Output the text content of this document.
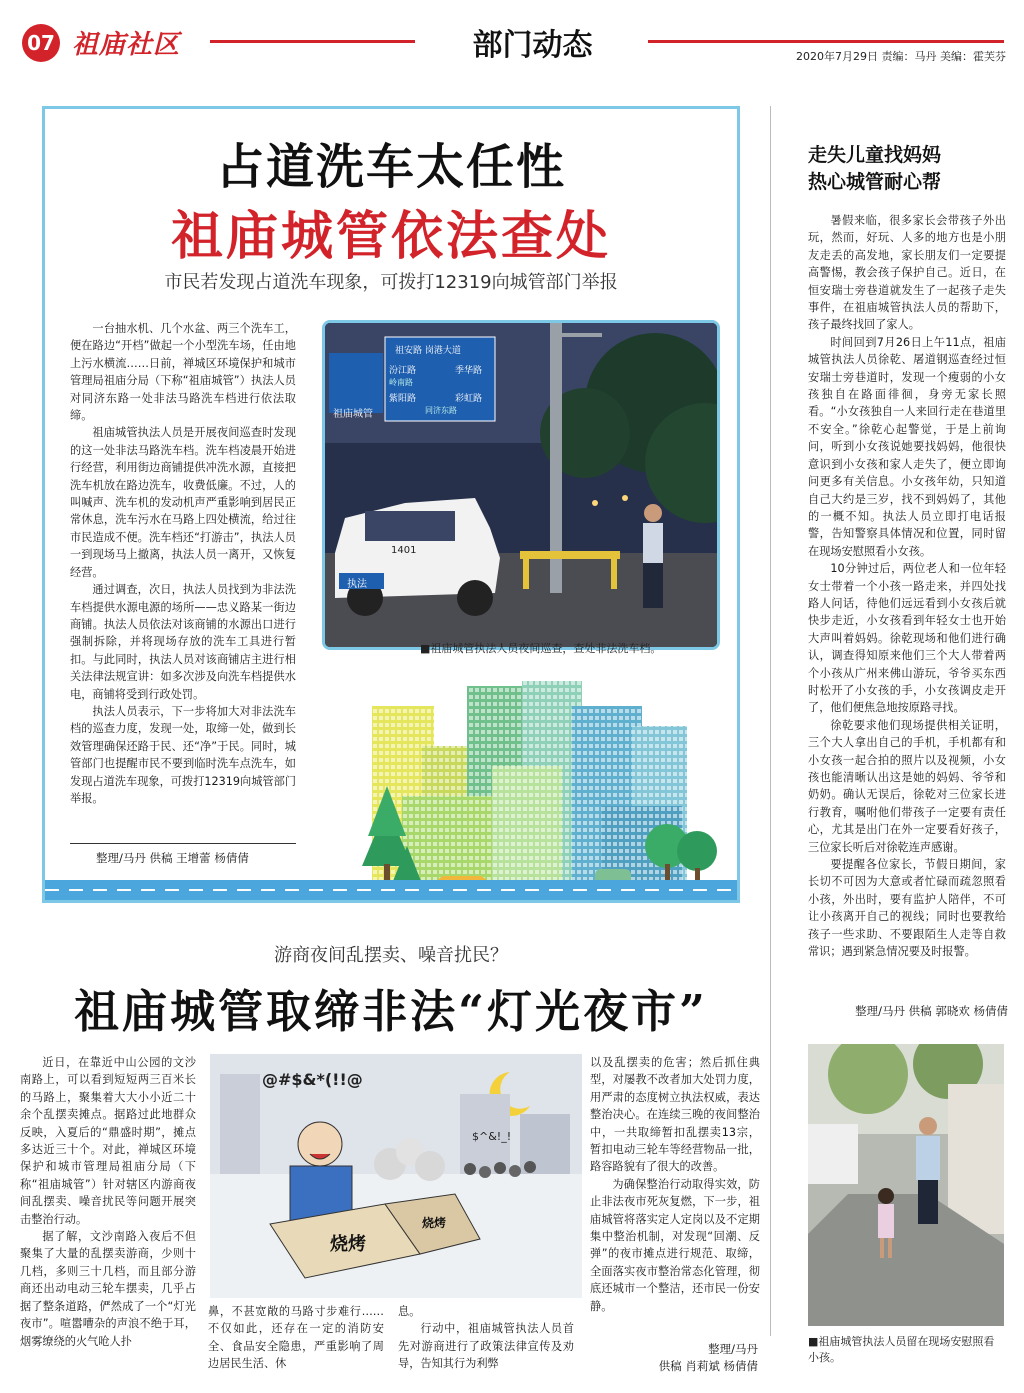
07 祖庙社区	部门动态	2020年7月29日 责编：马丹 美编：霍芙芬
占道洗车太任性
祖庙城管依法查处
市民若发现占道洗车现象，可拨打12319向城管部门举报

一台抽水机、几个水盆、两三个洗车工，便在路边“开档”做起一个小型洗车场，任由地上污水横流……日前，禅城区环境保护和城市管理局祖庙分局（下称“祖庙城管”）执法人员对同济东路一处非法马路洗车档进行依法取缔。

祖庙城管执法人员是开展夜间巡查时发现的这一处非法马路洗车档。洗车档凌晨开始进行经营，利用街边商铺提供冲洗水源，直接把洗车机放在路边洗车，收费低廉。不过，人的叫喊声、洗车机的发动机声严重影响到居民正常休息，洗车污水在马路上四处横流，给过往市民造成不便。洗车档还“打游击”，执法人员一到现场马上撤离，执法人员一离开，又恢复经营。

通过调查，次日，执法人员找到为非法洗车档提供水源电源的场所——忠义路某一街边商铺。执法人员依法对该商铺的水源出口进行强制拆除，并将现场存放的洗车工具进行暂扣。与此同时，执法人员对该商铺店主进行相关法律法规宣讲：如多次涉及向洗车档提供水电，商铺将受到行政处罚。

执法人员表示，下一步将加大对非法洗车档的巡查力度，发现一处，取缔一处，做到长效管理确保还路于民、还“净”于民。同时，城管部门也提醒市民不要到临时洗车点洗车，如发现占道洗车现象，可拨打12319向城管部门举报。

整理/马丹 供稿 王增蕾 杨倩倩
祖庙城管
祖安路 岗港大道
汾江路	季华路
紫阳路	彩虹路
岭南路
同济东路
1401
执法
■祖庙城管执法人员夜间巡查，查处非法洗车档。
走失儿童找妈妈
热心城管耐心帮

暑假来临，很多家长会带孩子外出玩，然而，好玩、人多的地方也是小朋友走丢的高发地，家长朋友们一定要提高警惕，教会孩子保护自己。近日，在恒安瑞士旁巷道就发生了一起孩子走失事件，在祖庙城管执法人员的帮助下，孩子最终找回了家人。

时间回到7月26日上午11点，祖庙城管执法人员徐乾、屠道钢巡查经过恒安瑞士旁巷道时，发现一个瘦弱的小女孩独自在路面徘徊，身旁无家长照看。“小女孩独自一人来回行走在巷道里不安全。”徐乾心起警觉，于是上前询问，听到小女孩说她要找妈妈，他很快意识到小女孩和家人走失了，便立即询问更多有关信息。小女孩年幼，只知道自己大约是三岁，找不到妈妈了，其他的一概不知。执法人员立即打电话报警，告知警察具体情况和位置，同时留在现场安慰照看小女孩。

10分钟过后，两位老人和一位年轻女士带着一个小孩一路走来，并四处找路人问话，待他们远远看到小女孩后就快步走近，小女孩看到年轻女士也开始大声叫着妈妈。徐乾现场和他们进行确认，调查得知原来他们三个大人带着两个小孩从广州来佛山游玩，爷爷买东西时松开了小女孩的手，小女孩调皮走开了，他们便焦急地按原路寻找。

徐乾要求他们现场提供相关证明，三个大人拿出自己的手机，手机都有和小女孩一起合拍的照片以及视频，小女孩也能清晰认出这是她的妈妈、爷爷和奶奶。确认无误后，徐乾对三位家长进行教育，嘱咐他们带孩子一定要有责任心，尤其是出门在外一定要看好孩子，三位家长听后对徐乾连声感谢。

要提醒各位家长，节假日期间，家长切不可因为大意或者忙碌而疏忽照看小孩，外出时，要有监护人陪伴，不可让小孩离开自己的视线；同时也要教给孩子一些求助、不要跟陌生人走等自救常识；遇到紧急情况要及时报警。

整理/马丹 供稿 郭晓欢 杨倩倩
■祖庙城管执法人员留在现场安慰照看小孩。
游商夜间乱摆卖、噪音扰民？
祖庙城管取缔非法“灯光夜市”

近日，在靠近中山公园的文沙南路上，可以看到短短两三百米长的马路上，聚集着大大小小近二十余个乱摆卖摊点。据路过此地群众反映，入夏后的“鼎盛时期”，摊点多达近三十个。对此，禅城区环境保护和城市管理局祖庙分局（下称“祖庙城管”）针对辖区内游商夜间乱摆卖、噪音扰民等问题开展突击整治行动。

据了解，文沙南路入夜后不但聚集了大量的乱摆卖游商，少则十几档，多则三十几档，而且部分游商还出动电动三轮车摆卖，几乎占据了整条道路，俨然成了一个“灯光夜市”。喧嚣嘈杂的声浪不绝于耳，烟雾缭绕的火气呛人扑

@#$&*(!!@
$^&!_!
烧烤
烧烤

鼻，不甚宽敞的马路寸步难行……不仅如此，还存在一定的消防安全、食品安全隐患，严重影响了周边居民生活、休

息。

行动中，祖庙城管执法人员首先对游商进行了政策法律宣传及劝导，告知其行为利弊

以及乱摆卖的危害；然后抓住典型，对屡教不改者加大处罚力度，用严肃的态度树立执法权威，表达整治决心。在连续三晚的夜间整治中，一共取缔暂扣乱摆卖13宗，暂扣电动三轮车等经营物品一批，路容路貌有了很大的改善。

为确保整治行动取得实效，防止非法夜市死灰复燃，下一步，祖庙城管将落实定人定岗以及不定期集中整治机制，对发现“回潮、反弹”的夜市摊点进行规范、取缔，全面落实夜市整治常态化管理，彻底还城市一个整洁，还市民一份安静。

整理/马丹
供稿 肖莉斌 杨倩倩
